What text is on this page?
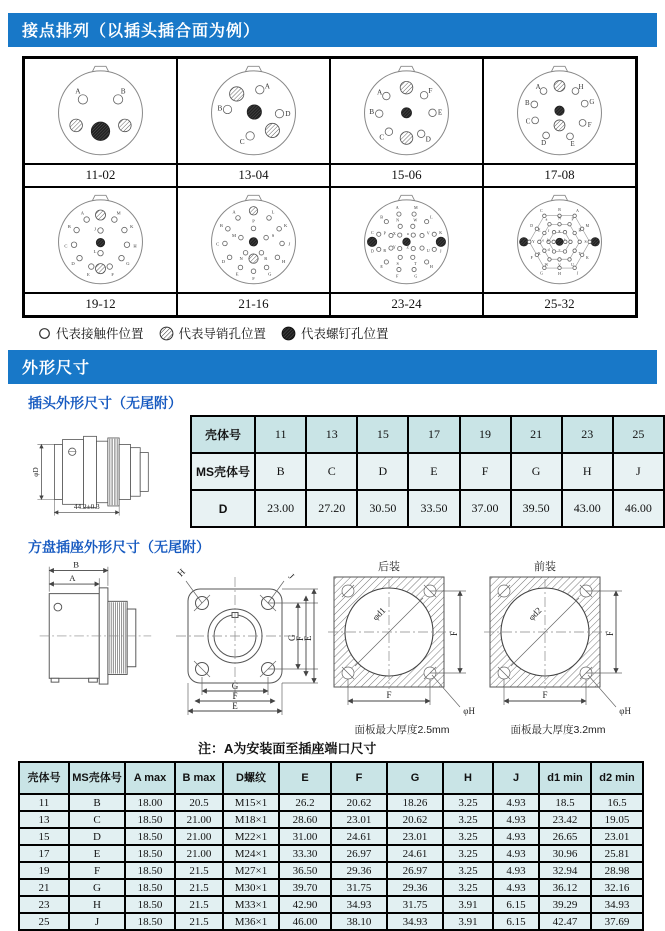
接点排列（以插头插合面为例）
A	B
11-02
A
B
C
D
13-04
A	F
B	E
C	D
15-06
A	H
B	G
C	F
D	E
17-08
A
B
C
D
E	F
G
H
K
M
J
L
19-12
A
B
C
D
E
F
G
H
J
K
L
P
M	S
N	R
21-16
A
B
C
D
E
F	G
H
J
K
L
M
N
P
R
S	T
U
V
W
X
Y Z
a
23-24
A
B
C
D
E
F
G	H	J
K
L
M
N	P
R
S
T
U
V
W
X
Y
Z
a
c
d
e
f g
j
h
25-32
代表接触件位置	代表导销孔位置	代表螺钉孔位置
外形尺寸
插头外形尺寸（无尾附）
φD
44.2±0.3
壳体号	11	13	15	17	19	21	23	25
MS壳体号	B	C	D	E	F	G	H	J
D	23.00	27.20	30.50	33.50	37.00	39.50	43.00	46.00
方盘插座外形尺寸（无尾附）
B
A	H	J
G
F
E
G
F
E
后装
φd1
F
F
φH
面板最大厚度2.5mm
前装
φd2
F
F
φH
面板最大厚度3.2mm
注：A为安装面至插座端口尺寸
壳体号	MS壳体号	A max	B max	D螺纹	E	F	G	H	J	d1 min	d2 min
11	B	18.00	20.5	M15×1	26.2	20.62	18.26	3.25	4.93	18.5	16.5
13	C	18.50	21.00	M18×1	28.60	23.01	20.62	3.25	4.93	23.42	19.05
15	D	18.50	21.00	M22×1	31.00	24.61	23.01	3.25	4.93	26.65	23.01
17	E	18.50	21.00	M24×1	33.30	26.97	24.61	3.25	4.93	30.96	25.81
19	F	18.50	21.5	M27×1	36.50	29.36	26.97	3.25	4.93	32.94	28.98
21	G	18.50	21.5	M30×1	39.70	31.75	29.36	3.25	4.93	36.12	32.16
23	H	18.50	21.5	M33×1	42.90	34.93	31.75	3.91	6.15	39.29	34.93
25	J	18.50	21.5	M36×1	46.00	38.10	34.93	3.91	6.15	42.47	37.69
